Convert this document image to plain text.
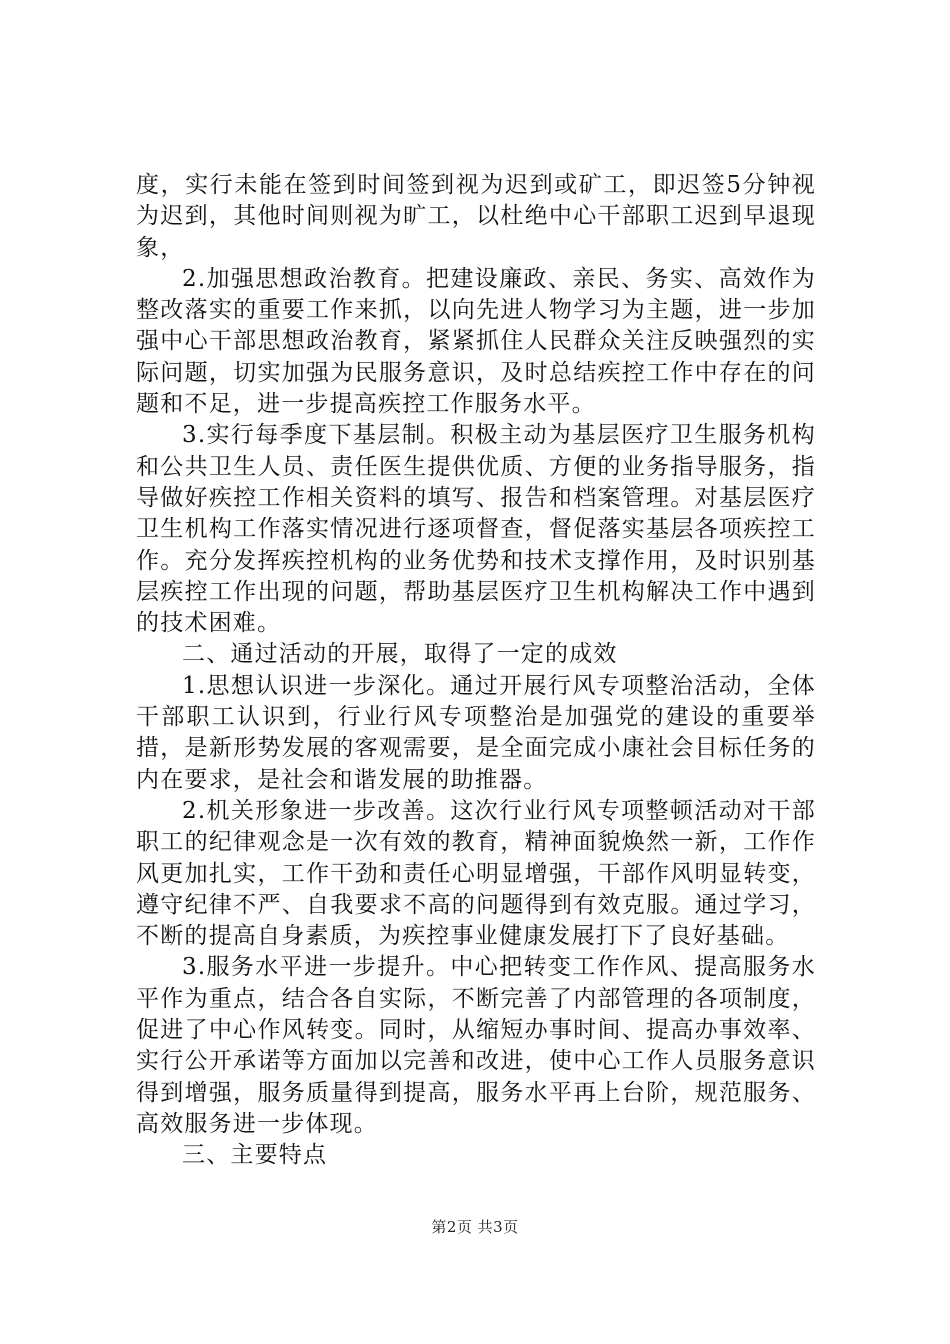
度，实行未能在签到时间签到视为迟到或矿工，即迟签5分钟视为迟到，其他时间则视为旷工，以杜绝中心干部职工迟到早退现象，

2.加强思想政治教育。把建设廉政、亲民、务实、高效作为整改落实的重要工作来抓，以向先进人物学习为主题，进一步加强中心干部思想政治教育，紧紧抓住人民群众关注反映强烈的实际问题，切实加强为民服务意识，及时总结疾控工作中存在的问题和不足，进一步提高疾控工作服务水平。

3.实行每季度下基层制。积极主动为基层医疗卫生服务机构和公共卫生人员、责任医生提供优质、方便的业务指导服务，指导做好疾控工作相关资料的填写、报告和档案管理。对基层医疗卫生机构工作落实情况进行逐项督查，督促落实基层各项疾控工作。充分发挥疾控机构的业务优势和技术支撑作用，及时识别基层疾控工作出现的问题，帮助基层医疗卫生机构解决工作中遇到的技术困难。

二、通过活动的开展，取得了一定的成效

1.思想认识进一步深化。通过开展行风专项整治活动，全体干部职工认识到，行业行风专项整治是加强党的建设的重要举措，是新形势发展的客观需要，是全面完成小康社会目标任务的内在要求，是社会和谐发展的助推器。

2.机关形象进一步改善。这次行业行风专项整顿活动对干部职工的纪律观念是一次有效的教育，精神面貌焕然一新，工作作风更加扎实，工作干劲和责任心明显增强，干部作风明显转变，遵守纪律不严、自我要求不高的问题得到有效克服。通过学习，不断的提高自身素质，为疾控事业健康发展打下了良好基础。

3.服务水平进一步提升。中心把转变工作作风、提高服务水平作为重点，结合各自实际，不断完善了内部管理的各项制度，促进了中心作风转变。同时，从缩短办事时间、提高办事效率、实行公开承诺等方面加以完善和改进，使中心工作人员服务意识得到增强，服务质量得到提高，服务水平再上台阶，规范服务、高效服务进一步体现。

三、主要特点

第2页 共3页
